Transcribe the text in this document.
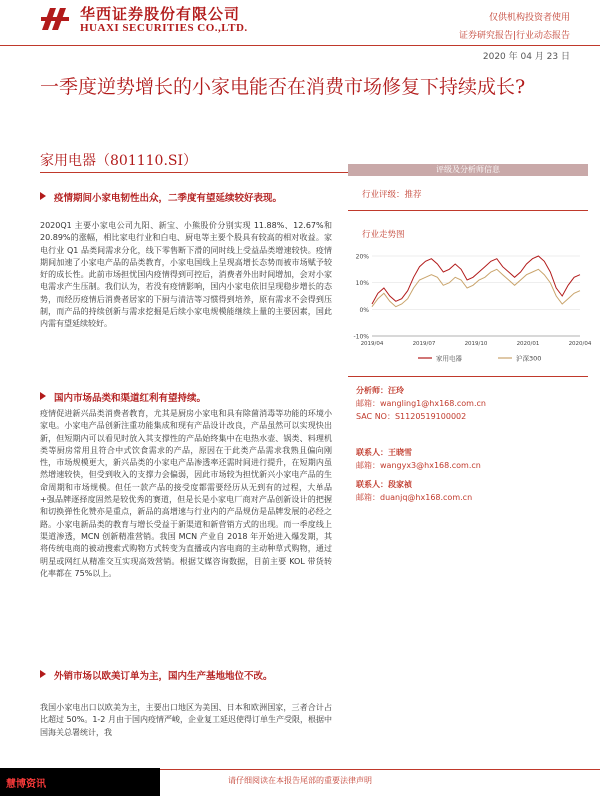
华西证券股份有限公司
HUAXI SECURITIES CO.,LTD.
仅供机构投资者使用
证券研究报告|行业动态报告
2020 年 04 月 23 日
一季度逆势增长的小家电能否在消费市场修复下持续成长?
家用电器（801110.SI）
疫情期间小家电韧性出众，二季度有望延续较好表现。

2020Q1 主要小家电公司九阳、新宝、小熊股价分别实现 11.88%、12.67%和 20.89%的涨幅，相比家电行业和白电、厨电等主要个股具有较高的相对收益。家电行业 Q1 品类间需求分化，线下零售断下滑的同时线上受益品类增速较快。疫情期间加速了小家电产品的品类教育，小家电国线上呈现高增长态势而被市场赋予较好的成长性。此前市场担忧国内疫情得到可控后，消费者外出时间增加，会对小家电需求产生压制。我们认为，若没有疫情影响，国内小家电依旧呈现稳步增长的态势，而经历疫情后消费者居家的下厨与清洁等习惯得到培养，原有需求不会得到压制，而产品的持续创新与需求挖掘是后续小家电规模能继续上量的主要因素，国此内需有望延续较好。

国内市场品类和渠道红利有望持续。

疫情促进新兴品类消费者教育，尤其是厨房小家电和具有除菌消毒等功能的环境小家电。小家电产品创新注重功能集成和现有产品设计改良，产品虽然可以实现快出新，但短期内可以看见时放入其支撑性的产品始终集中在电热水壶、锅类、料理机类等厨房常用且符合中式饮食需求的产品，原因在于此类产品需求我熟且偏向刚性，市场规模更大，新兴品类的小家电产品渗透率还需时间进行提升，在短期内虽然增速较快，但受到收入的支撑力会偏弱，因此市场较为担忧新兴小家电产品的生命周期和市场规模。但任一款产品的接受度都需要经历从无到有的过程，大单品+强品牌逐择度固然是较优秀的赛道，但是长是小家电厂商对产品创新设计的把握和切换弹性化赞亦是重点，新品的高增速与行业内的产品规仿是品牌发展的必经之路。小家电新品类的教育与增长受益于新渠道和新营销方式的出现。而一季度线上渠道渗透，MCN 创新精准营销。我国 MCN 产业自 2018 年开始进入爆发期，其将传统电商的被动搜索式购物方式转变为直播或内容电商的主动种草式购物，通过明星或网红从精准交互实现高效营销。根据艾媒咨询数据，目前主要 KOL 带货转化率都在 75%以上。

外销市场以欧美订单为主，国内生产基地地位不改。

我国小家电出口以欧美为主，主要出口地区为美国、日本和欧洲国家，三者合计占比超过 50%。1-2 月由于国内疫情严峻，企业复工延迟使得订单生产受限，根据中国海关总署统计，我

评级及分析师信息
行业评级：推荐
行业走势图
20%
10%
0%
-10%
2019/04	2019/07	2019/10	2020/01	2020/04
家用电器	沪深300
分析师：汪玲
邮箱：wangling1@hx168.com.cn
SAC NO：S1120519100002
联系人：王晓雪
邮箱：wangyx3@hx168.com.cn
联系人：段家祯
邮箱：duanjq@hx168.com.cn
慧博资讯	请仔细阅读在本报告尾部的重要法律声明
